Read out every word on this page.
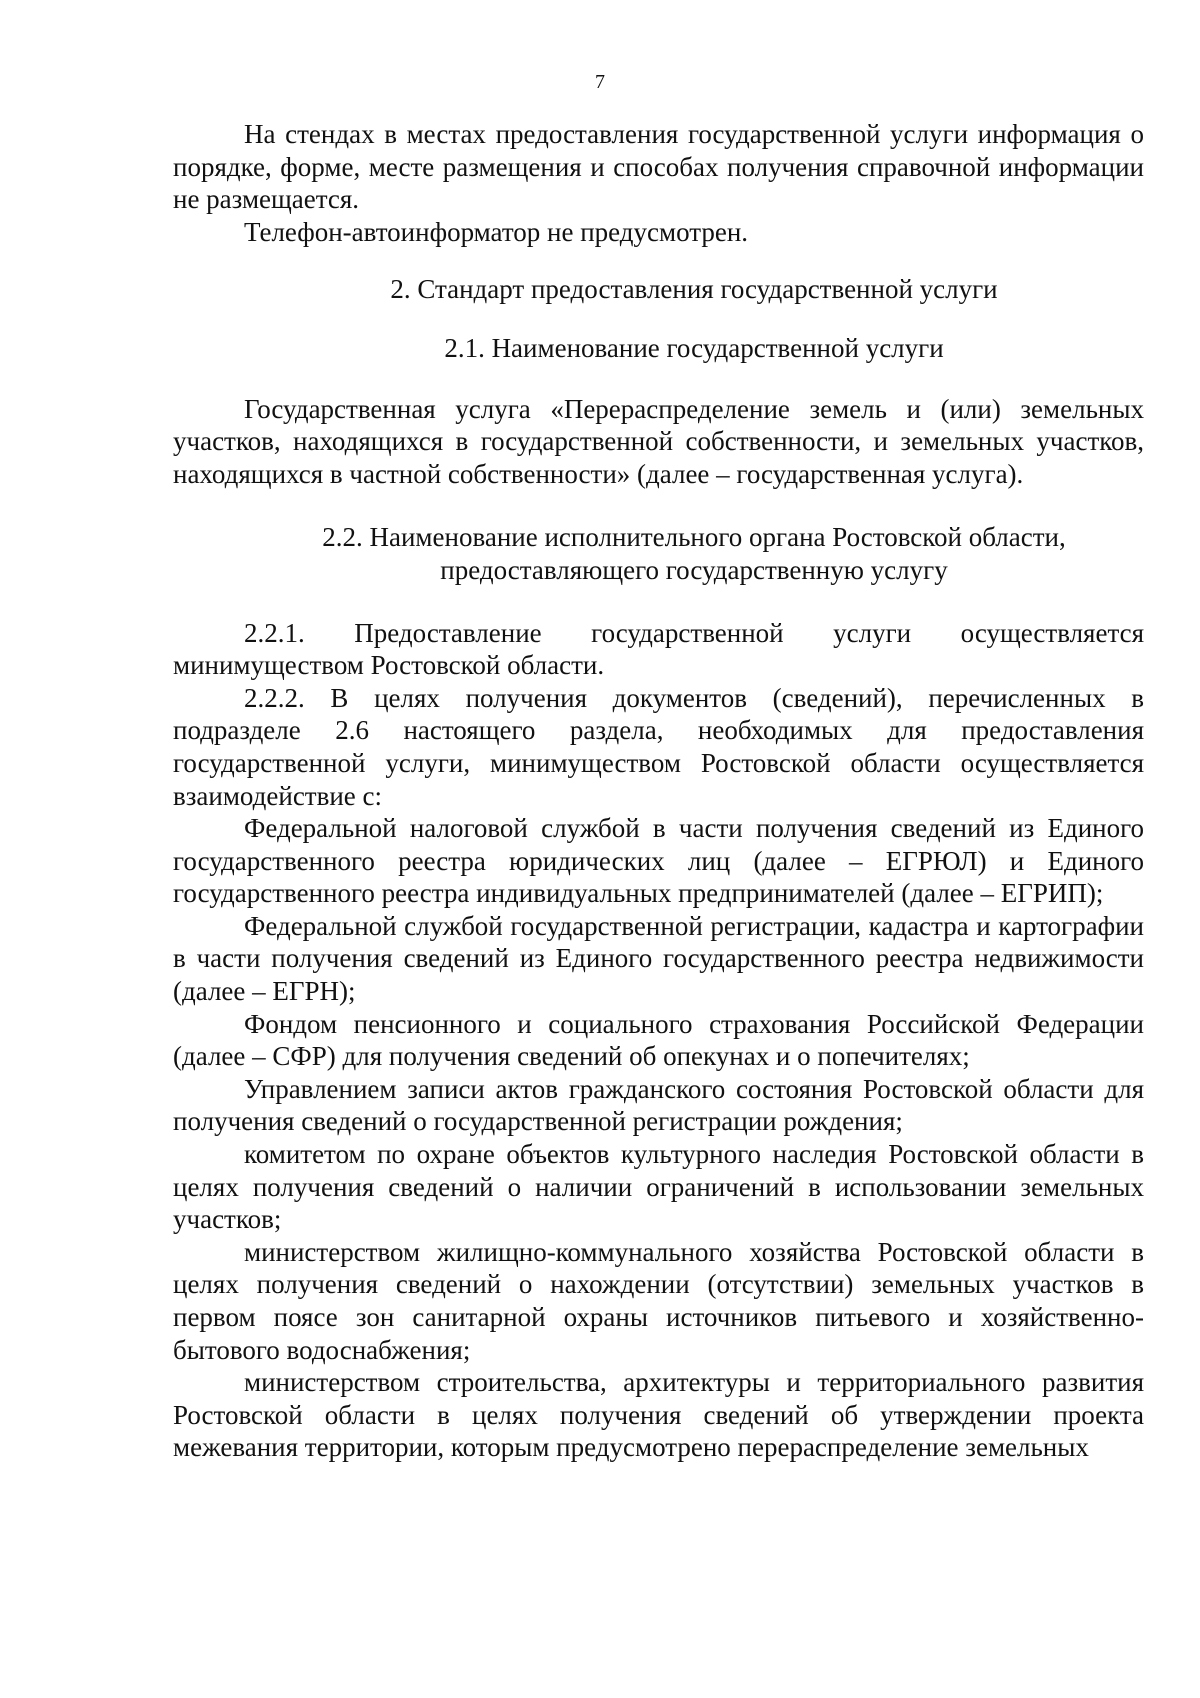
7

На стендах в местах предоставления государственной услуги информация о порядке, форме, месте размещения и способах получения справочной информации не размещается.

Телефон-автоинформатор не предусмотрен.

2. Стандарт предоставления государственной услуги

2.1. Наименование государственной услуги

Государственная услуга «Перераспределение земель и (или) земельных участков, находящихся в государственной собственности, и земельных участков, находящихся в частной собственности» (далее – государственная услуга).

2.2. Наименование исполнительного органа Ростовской области,

предоставляющего государственную услугу

2.2.1. Предоставление государственной услуги осуществляется минимуществом Ростовской области.

2.2.2. В целях получения документов (сведений), перечисленных в подразделе 2.6 настоящего раздела, необходимых для предоставления государственной услуги, минимуществом Ростовской области осуществляется взаимодействие с:

Федеральной налоговой службой в части получения сведений из Единого государственного реестра юридических лиц (далее – ЕГРЮЛ) и Единого государственного реестра индивидуальных предпринимателей (далее – ЕГРИП);

Федеральной службой государственной регистрации, кадастра и картографии в части получения сведений из Единого государственного реестра недвижимости (далее – ЕГРН);

Фондом пенсионного и социального страхования Российской Федерации (далее – СФР) для получения сведений об опекунах и о попечителях;

Управлением записи актов гражданского состояния Ростовской области для получения сведений о государственной регистрации рождения;

комитетом по охране объектов культурного наследия Ростовской области в целях получения сведений о наличии ограничений в использовании земельных участков;

министерством жилищно-коммунального хозяйства Ростовской области в целях получения сведений о нахождении (отсутствии) земельных участков в первом поясе зон санитарной охраны источников питьевого и хозяйственно-бытового водоснабжения;

министерством строительства, архитектуры и территориального развития Ростовской области в целях получения сведений об утверждении проекта межевания территории, которым предусмотрено перераспределение земельных
